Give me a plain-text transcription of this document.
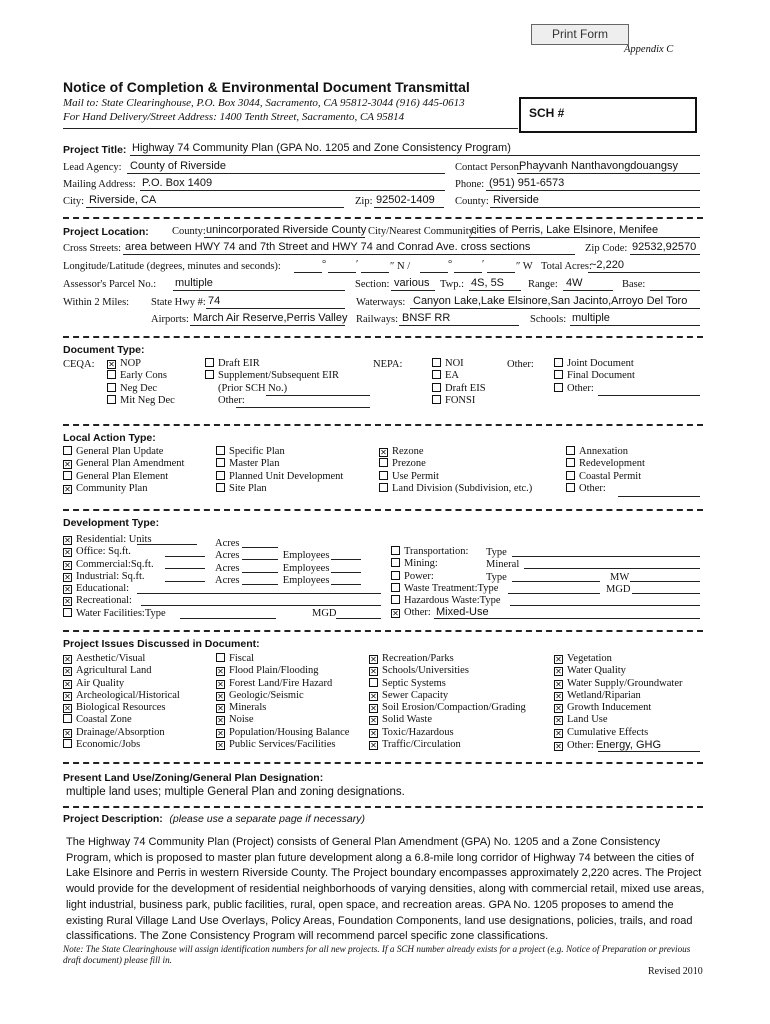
Print Form
Appendix C
Notice of Completion & Environmental Document Transmittal
Mail to: State Clearinghouse, P.O. Box 3044, Sacramento, CA 95812-3044 (916) 445-0613
For Hand Delivery/Street Address: 1400 Tenth Street, Sacramento, CA 95814	SCH #
Project Title: Highway 74 Community Plan (GPA No. 1205 and Zone Consistency Program)
Lead Agency: County of Riverside	Contact Person:
Phayvanh Nanthavongdouangsy
Mailing Address: P.O. Box 1409	Phone: (951) 951-6573
City: Riverside, CA	Zip: 92502-1409 County: Riverside
Project Location: County: unincorporated Riverside County City/Nearest Community:
cities of Perris, Lake Elsinore, Menifee
Cross Streets: area between HWY 74 and 7th Street and HWY 74 and Conrad Ave. cross sections	Zip Code: 92532,92570
Longitude/Latitude (degrees, minutes and seconds):	°	′	″ N /	°	′	″ W Total Acres:
~2,220
Assessor's Parcel No.: multiple	Section: various Twp.: 4S, 5S Range: 4W	Base:
Within 2 Miles: State Hwy #: 74	Waterways: Canyon Lake,Lake Elsinore,San Jacinto,Arroyo Del Toro
Airports: March Air Reserve,Perris Valley Railways: BNSF RR	Schools: multiple
Document Type:
CEQA:
✕	NOP
Early Cons
Neg Dec
Mit Neg Dec
Draft EIR
Supplement/Subsequent EIR
(Prior SCH No.)
Other:
NEPA:	NOI
EA
Draft EIS
FONSI
Other:	Joint Document
Final Document
Other:
Local Action Type:
General Plan Update
✕General Plan Amendment
General Plan Element
✕Community Plan
Specific Plan
Master Plan
Planned Unit Development
Site Plan
✕Rezone
Prezone
Use Permit
Land Division (Subdivision, etc.)
Annexation
Redevelopment
Coastal Permit
Other:
Development Type:
✕Residential: Units
✕Office: Sq.ft.
✕Commercial:Sq.ft.
✕Industrial: Sq.ft.
✕Educational:
✕Recreational:
Water Facilities:Type
Acres
Acres	Employees
Acres	Employees
Acres	Employees
MGD
Transportation:
Mining:
Power:
Waste Treatment:Type
Hazardous Waste:Type
✕Other:
Type
Mineral
Type	MW
MGD
Mixed-Use
Project Issues Discussed in Document:
✕Aesthetic/Visual
✕Agricultural Land
✕Air Quality
✕Archeological/Historical
✕Biological Resources
Coastal Zone
✕Drainage/Absorption
Economic/Jobs
Fiscal
✕Flood Plain/Flooding
✕Forest Land/Fire Hazard
✕Geologic/Seismic
✕Minerals
✕Noise
✕Population/Housing Balance
✕Public Services/Facilities
✕Recreation/Parks
✕Schools/Universities
Septic Systems
✕Sewer Capacity
✕Soil Erosion/Compaction/Grading
✕Solid Waste
✕Toxic/Hazardous
✕Traffic/Circulation
✕Vegetation
✕Water Quality
✕Water Supply/Groundwater
✕Wetland/Riparian
✕Growth Inducement
✕Land Use
✕Cumulative Effects
✕Other: Energy, GHG
Present Land Use/Zoning/General Plan Designation:
multiple land uses; multiple General Plan and zoning designations.
Project Description: (please use a separate page if necessary)
The Highway 74 Community Plan (Project) consists of General Plan Amendment (GPA) No. 1205 and a Zone Consistency Program, which is proposed to master plan future development along a 6.8-mile long corridor of Highway 74 between the cities of Lake Elsinore and Perris in western Riverside County. The Project boundary encompasses approximately 2,220 acres. The Project would provide for the development of residential neighborhoods of varying densities, along with commercial retail, mixed use areas, light industrial, business park, public facilities, rural, open space, and recreation areas. GPA No. 1205 proposes to amend the existing Rural Village Land Use Overlays, Policy Areas, Foundation Components, land use designations, policies, trails, and road classifications. The Zone Consistency Program will recommend parcel specific zone classifications.
Note: The State Clearinghouse will assign identification numbers for all new projects. If a SCH number already exists for a project (e.g. Notice of Preparation or previous draft document) please fill in.
Revised 2010
